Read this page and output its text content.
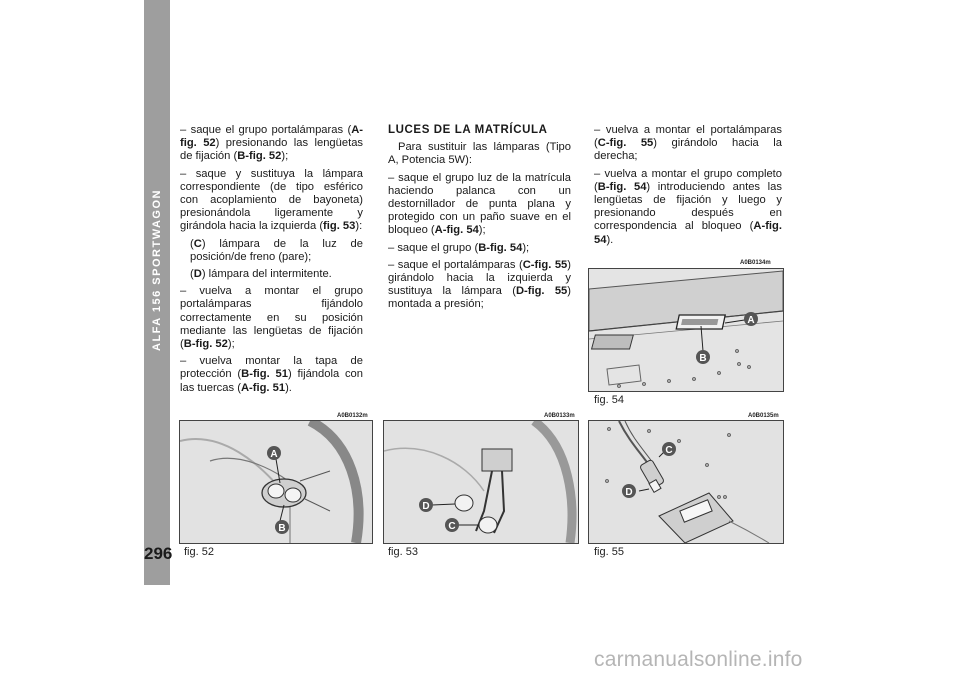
ALFA 156 SPORTWAGON
296

– saque el grupo portalámparas (A-fig. 52) presionando las lengüetas de fijación (B-fig. 52);

– saque y sustituya la lámpara correspondiente (de tipo esférico con acoplamiento de bayoneta) presionándola ligeramente y girándola hacia la izquierda (fig. 53):

(C) lámpara de la luz de posición/de freno (pare);

(D) lámpara del intermitente.

– vuelva a montar el grupo portalámparas fijándolo correctamente en su posición mediante las lengüetas de fijación (B-fig. 52);

– vuelva montar la tapa de protección (B-fig. 51) fijándola con las tuercas (A-fig. 51).

LUCES DE LA MATRÍCULA

Para sustituir las lámparas (Tipo A, Potencia 5W):

– saque el grupo luz de la matrícula haciendo palanca con un destornillador de punta plana y protegido con un paño suave en el bloqueo (A-fig. 54);

– saque el grupo (B-fig. 54);

– saque el portalámparas (C-fig. 55) girándolo hacia la izquierda y sustituya la lámpara (D-fig. 55) montada a presión;

– vuelva a montar el portalámparas (C-fig. 55) girándolo hacia la derecha;

– vuelva a montar el grupo completo (B-fig. 54) introduciendo antes las lengüetas de fijación y luego y presionando después en correspondencia al bloqueo (A-fig. 54).

A0B0134m
A
B
fig. 54
A0B0132m
A
B
fig. 52
A0B0133m
D
C
fig. 53
A0B0135m
C
D
fig. 55
carmanualsonline.info
